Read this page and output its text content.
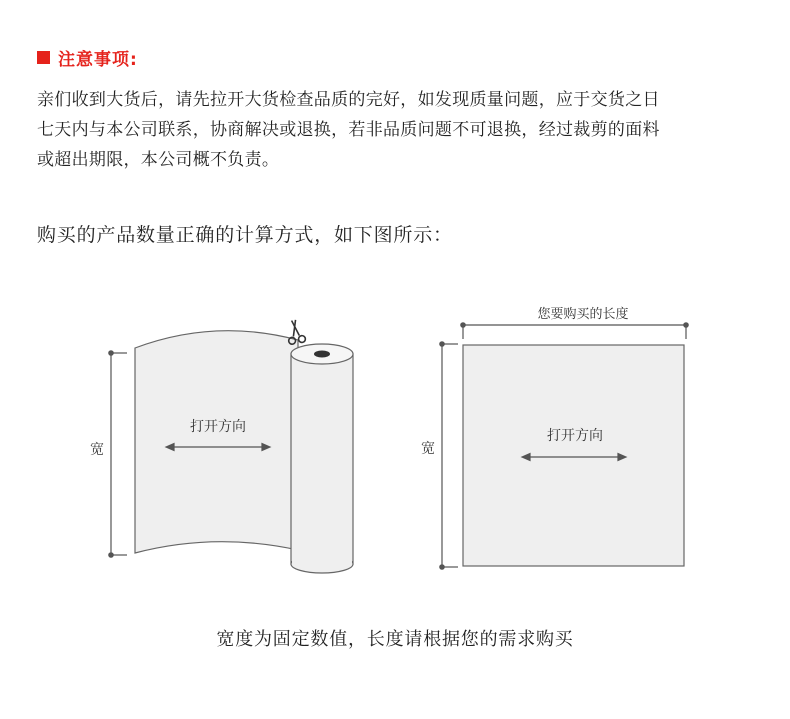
注意事项:

亲们收到大货后，请先拉开大货检查品质的完好，如发现质量问题，应于交货之日
七天内与本公司联系，协商解决或退换，若非品质问题不可退换，经过裁剪的面料
或超出期限，本公司概不负责。

购买的产品数量正确的计算方式，如下图所示：
宽
打开方向
您要购买的长度
宽
打开方向
宽度为固定数值，长度请根据您的需求购买
